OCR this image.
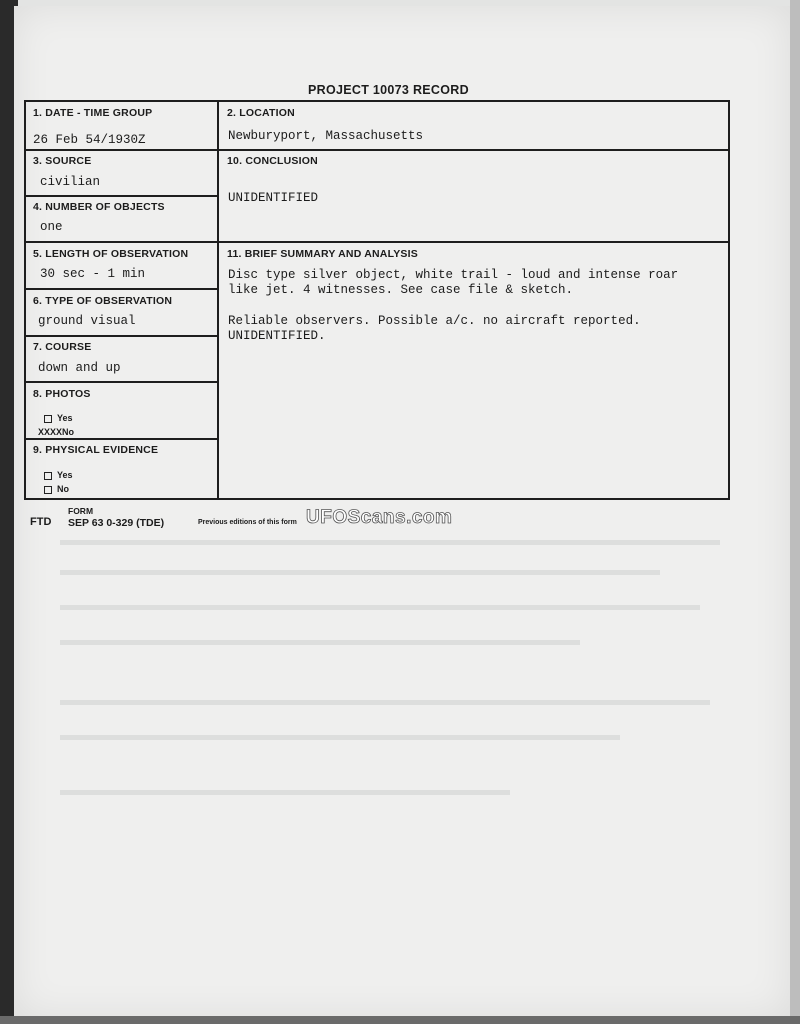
PROJECT 10073 RECORD
1. DATE - TIME GROUP
26 Feb 54/1930Z
2. LOCATION
Newburyport, Massachusetts
3. SOURCE
civilian
10. CONCLUSION
UNIDENTIFIED
4. NUMBER OF OBJECTS
one
5. LENGTH OF OBSERVATION
30 sec - 1 min
11. BRIEF SUMMARY AND ANALYSIS
Disc type silver object, white trail - loud and intense roar
like jet. 4 witnesses. See case file & sketch.
Reliable observers. Possible a/c. no aircraft reported.
UNIDENTIFIED.
6. TYPE OF OBSERVATION
ground visual
7. COURSE
down and up
8. PHOTOS
Yes
XXXXNo
9. PHYSICAL EVIDENCE
Yes
No
FORM
FTD SEP 63 0-329 (TDE)	Previous editions of this form UFOScans.com
